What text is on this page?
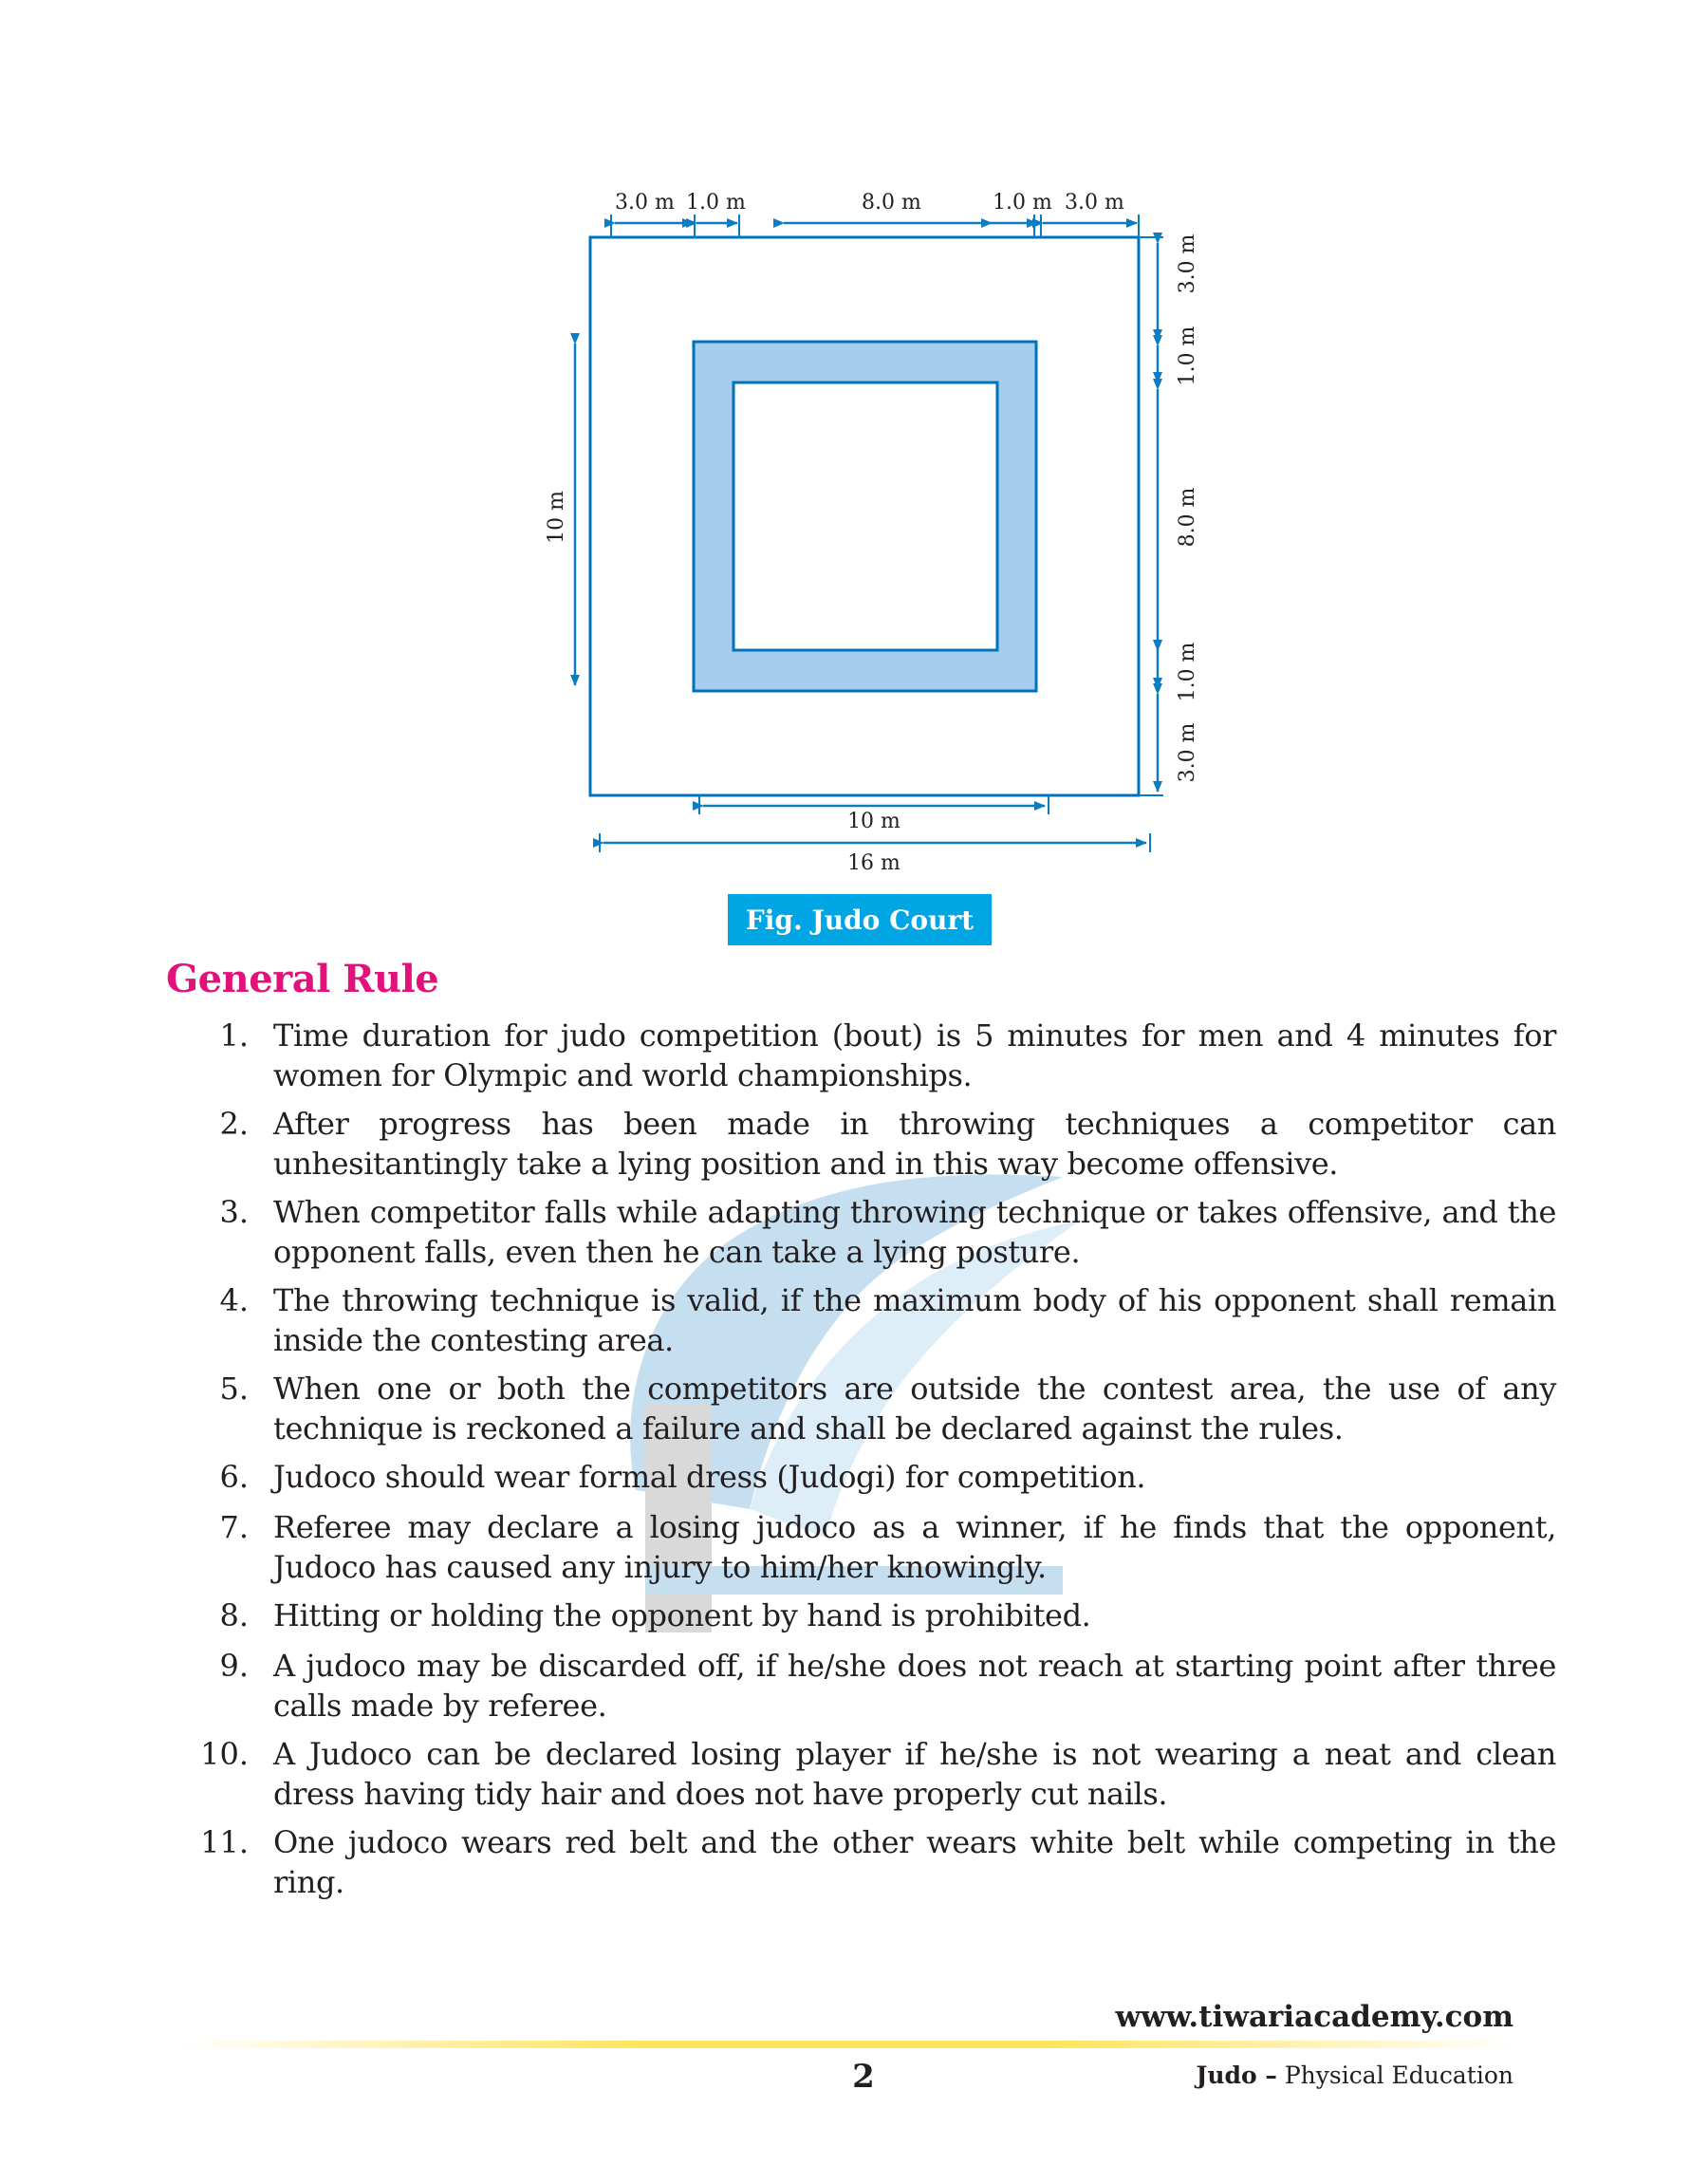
3.0 m 1.0 m	8.0 m	1.0 m 3.0 m
3.0 m
1.0 m
8.0 m
1.0 m
3.0 m
10 m
10 m
16 m
Fig. Judo Court
General Rule
1. Time duration for judo competition (bout) is 5 minutes for men and 4 minutes for women for Olympic and world championships.
2. After progress has been made in throwing techniques a competitor can unhesitantingly take a lying position and in this way become offensive.
3. When competitor falls while adapting throwing technique or takes offensive, and the opponent falls, even then he can take a lying posture.
4. The throwing technique is valid, if the maximum body of his opponent shall remain inside the contesting area.
5. When one or both the competitors are outside the contest area, the use of any technique is reckoned a failure and shall be declared against the rules.
6. Judoco should wear formal dress (Judogi) for competition.
7. Referee may declare a losing judoco as a winner, if he finds that the opponent, Judoco has caused any injury to him/her knowingly.
8. Hitting or holding the opponent by hand is prohibited.
9. A judoco may be discarded off, if he/she does not reach at starting point after three calls made by referee.
10. A Judoco can be declared losing player if he/she is not wearing a neat and clean dress having tidy hair and does not have properly cut nails.
11. One judoco wears red belt and the other wears white belt while competing in the ring.
www.tiwariacademy.com
2	Judo – Physical Education
